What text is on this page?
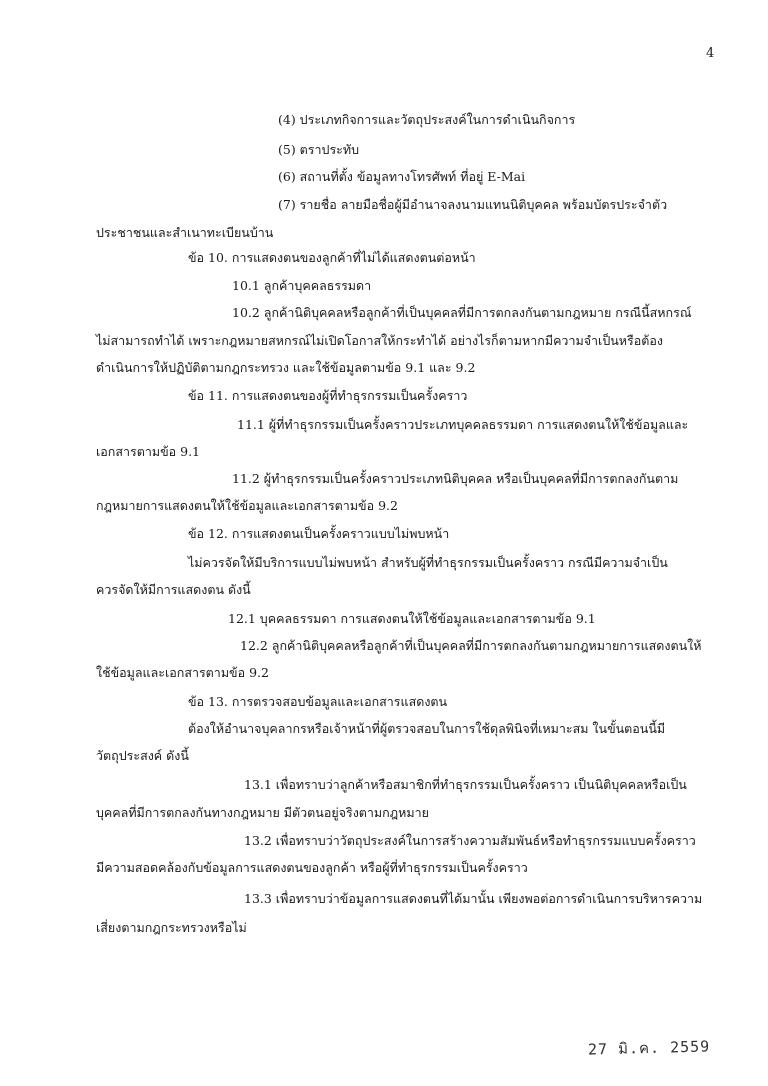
4
(4) ประเภทกิจการและวัตถุประสงค์ในการดำเนินกิจการ
(5) ตราประทับ
(6) สถานที่ตั้ง ข้อมูลทางโทรศัพท์ ที่อยู่ E-Mai
(7) รายชื่อ ลายมือชื่อผู้มีอำนาจลงนามแทนนิติบุคคล พร้อมบัตรประจำตัว
ประชาชนและสำเนาทะเบียนบ้าน
ข้อ 10. การแสดงตนของลูกค้าที่ไม่ได้แสดงตนต่อหน้า
10.1 ลูกค้าบุคคลธรรมดา
10.2 ลูกค้านิติบุคคลหรือลูกค้าที่เป็นบุคคลที่มีการตกลงกันตามกฎหมาย กรณีนี้สหกรณ์
ไม่สามารถทำได้ เพราะกฎหมายสหกรณ์ไม่เปิดโอกาสให้กระทำได้ อย่างไรก็ตามหากมีความจำเป็นหรือต้อง
ดำเนินการให้ปฏิบัติตามกฎกระทรวง และใช้ข้อมูลตามข้อ 9.1 และ 9.2
ข้อ 11. การแสดงตนของผู้ที่ทำธุรกรรมเป็นครั้งคราว
11.1 ผู้ที่ทำธุรกรรมเป็นครั้งคราวประเภทบุคคลธรรมดา การแสดงตนให้ใช้ข้อมูลและ
เอกสารตามข้อ 9.1
11.2 ผู้ทำธุรกรรมเป็นครั้งคราวประเภทนิติบุคคล หรือเป็นบุคคลที่มีการตกลงกันตาม
กฎหมายการแสดงตนให้ใช้ข้อมูลและเอกสารตามข้อ 9.2
ข้อ 12. การแสดงตนเป็นครั้งคราวแบบไม่พบหน้า
ไม่ควรจัดให้มีบริการแบบไม่พบหน้า สำหรับผู้ที่ทำธุรกรรมเป็นครั้งคราว กรณีมีความจำเป็น
ควรจัดให้มีการแสดงตน ดังนี้
12.1 บุคคลธรรมดา การแสดงตนให้ใช้ข้อมูลและเอกสารตามข้อ 9.1
12.2 ลูกค้านิติบุคคลหรือลูกค้าที่เป็นบุคคลที่มีการตกลงกันตามกฎหมายการแสดงตนให้
ใช้ข้อมูลและเอกสารตามข้อ 9.2
ข้อ 13. การตรวจสอบข้อมูลและเอกสารแสดงตน
ต้องให้อำนาจบุคลากรหรือเจ้าหน้าที่ผู้ตรวจสอบในการใช้ดุลพินิจที่เหมาะสม ในขั้นตอนนี้มี
วัตถุประสงค์ ดังนี้
13.1 เพื่อทราบว่าลูกค้าหรือสมาชิกที่ทำธุรกรรมเป็นครั้งคราว เป็นนิติบุคคลหรือเป็น
บุคคลที่มีการตกลงกันทางกฎหมาย มีตัวตนอยู่จริงตามกฎหมาย
13.2 เพื่อทราบว่าวัตถุประสงค์ในการสร้างความสัมพันธ์หรือทำธุรกรรมแบบครั้งคราว
มีความสอดคล้องกับข้อมูลการแสดงตนของลูกค้า หรือผู้ที่ทำธุรกรรมเป็นครั้งคราว
13.3 เพื่อทราบว่าข้อมูลการแสดงตนที่ได้มานั้น เพียงพอต่อการดำเนินการบริหารความ
เสี่ยงตามกฎกระทรวงหรือไม่
27 มิ.ค. 2559
